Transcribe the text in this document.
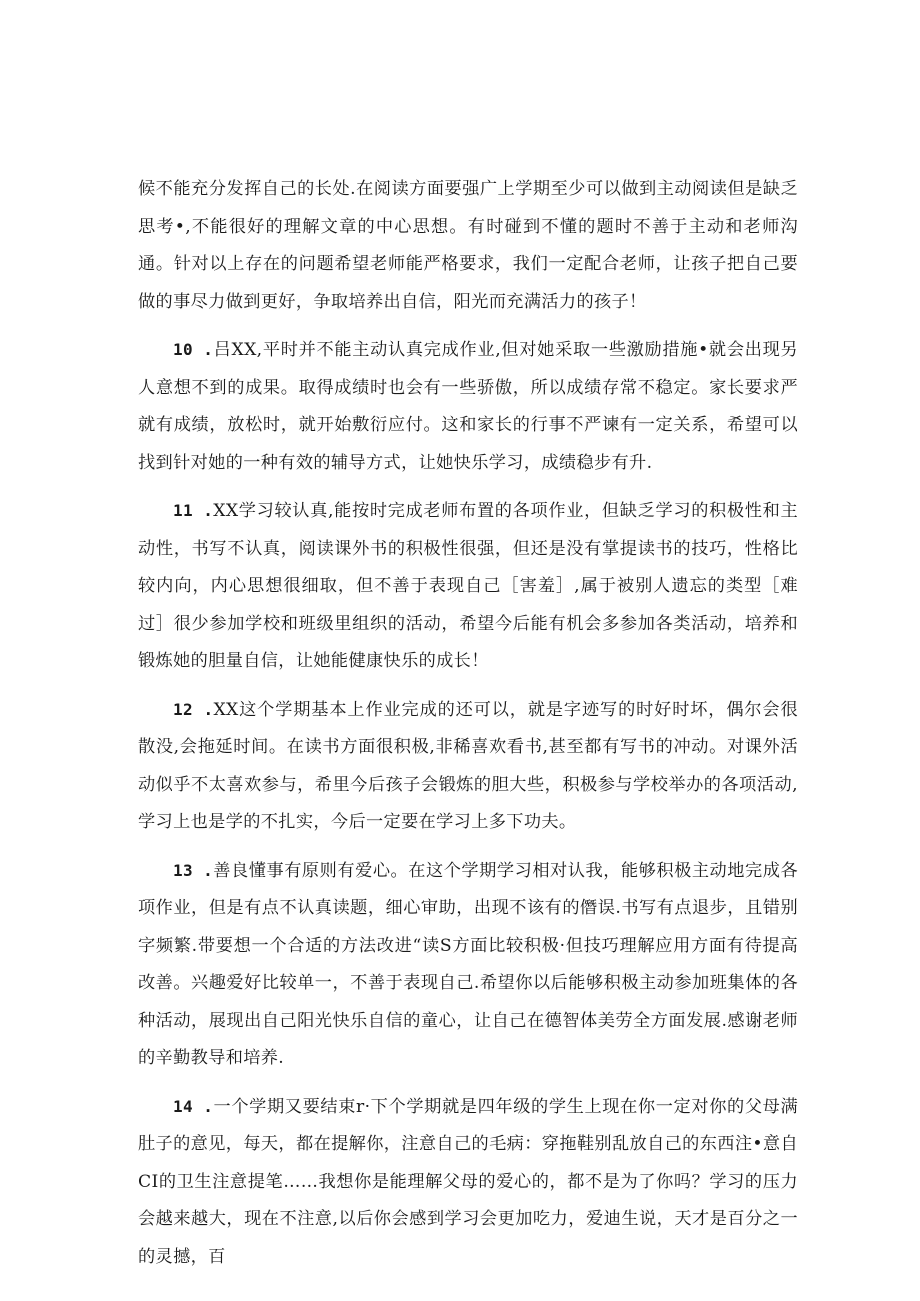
候不能充分发挥自己的长处.在阅读方面要强广上学期至少可以做到主动阅读但是缺乏思考•,不能很好的理解文章的中心思想。有时碰到不懂的题时不善于主动和老师沟通。针对以上存在的问题希望老师能严格要求，我们一定配合老师，让孩子把自己要做的事尽力做到更好，争取培养出自信，阳光而充满活力的孩子！

10 .吕XX,平时并不能主动认真完成作业,但对她采取一些激励措施•就会出现另人意想不到的成果。取得成绩时也会有一些骄傲，所以成绩存常不稳定。家长要求严就有成绩，放松时，就开始敷衍应付。这和家长的行事不严谏有一定关系，希望可以找到针对她的一种有效的辅导方式，让她快乐学习，成绩稳步有升.

11 .XX学习较认真,能按时完成老师布置的各项作业，但缺乏学习的积极性和主动性，书写不认真，阅读课外书的积极性很强，但还是没有掌提读书的技巧，性格比较内向，内心思想很细取，但不善于表现自己［害羞］,属于被别人遗忘的类型［难过］很少参加学校和班级里组织的活动，希望今后能有机会多参加各类活动，培养和锻炼她的胆量自信，让她能健康快乐的成长！

12 .XX这个学期基本上作业完成的还可以，就是字迹写的时好时坏，偶尔会很散没,会拖延时间。在读书方面很积极,非稀喜欢看书,甚至都有写书的冲动。对课外活动似乎不太喜欢参与，希里今后孩子会锻炼的胆大些，积极参与学校举办的各项活动,学习上也是学的不扎实，今后一定要在学习上多下功夫。

13 .善良懂事有原则有爱心。在这个学期学习相对认我，能够积极主动地完成各项作业，但是有点不认真读题，细心审助，出现不该有的僭误.书写有点退步，且错别字频繁.带要想一个合适的方法改进“读S方面比较积极·但技巧理解应用方面有待提高改善。兴趣爱好比较单一，不善于表现自己.希望你以后能够积极主动参加班集体的各种活动，展现出自己阳光快乐自信的童心，让自己在德智体美劳全方面发展.感谢老师的辛勤教导和培养.

14 .一个学期又要结束r·下个学期就是四年级的学生上现在你一定对你的父母满肚子的意见，每天，都在提解你，注意自己的毛病：穿拖鞋别乱放自己的东西注•意自CI的卫生注意提笔……我想你是能理解父母的爱心的，都不是为了你吗？学习的压力会越来越大，现在不注意,以后你会感到学习会更加吃力，爱迪生说，天才是百分之一的灵撼，百
